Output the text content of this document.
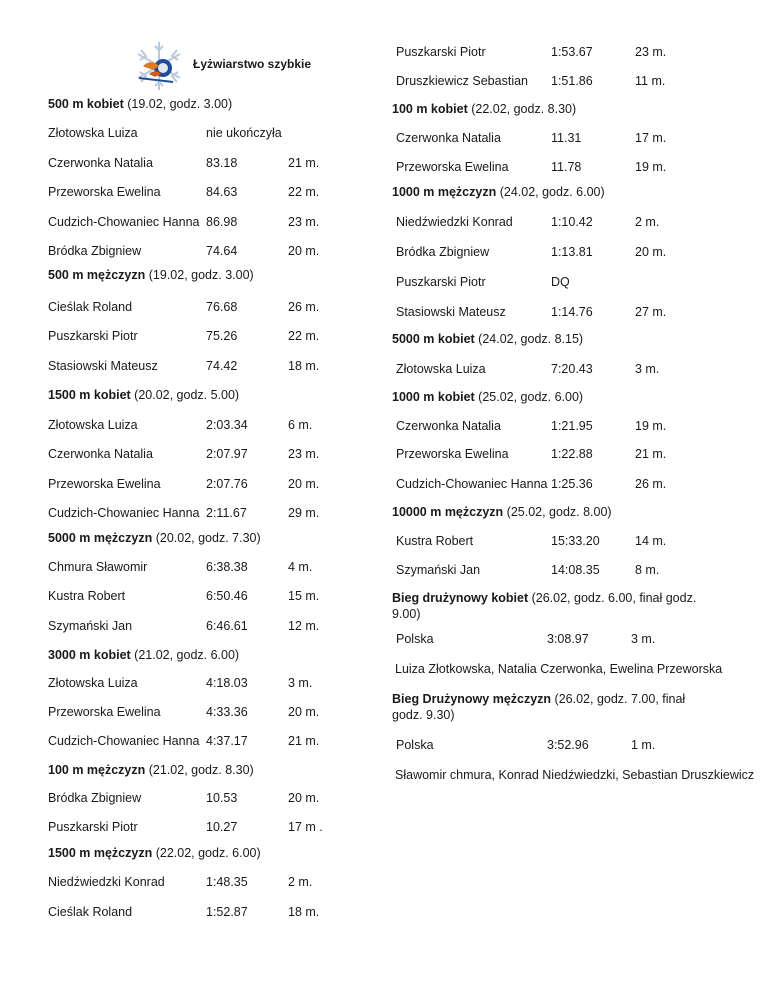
Łyżwiarstwo szybkie
500 m kobiet (19.02, godz. 3.00)
Złotowska Luiza	nie ukończyła
Czerwonka Natalia	83.18	21 m.
Przeworska Ewelina	84.63	22 m.
Cudzich-Chowaniec Hanna 86.98	23 m.
Bródka Zbigniew	74.64	20 m.
500 m mężczyzn (19.02, godz. 3.00)
Cieślak Roland	76.68	26 m.
Puszkarski Piotr	75.26	22 m.
Stasiowski Mateusz	74.42	18 m.
1500 m kobiet (20.02, godz. 5.00)
Złotowska Luiza	2:03.34	6 m.
Czerwonka Natalia	2:07.97	23 m.
Przeworska Ewelina	2:07.76	20 m.
Cudzich-Chowaniec Hanna 2:11.67	29 m.
5000 m mężczyzn (20.02, godz. 7.30)
Chmura Sławomir	6:38.38	4 m.
Kustra Robert	6:50.46	15 m.
Szymański Jan	6:46.61	12 m.
3000 m kobiet (21.02, godz. 6.00)
Złotowska Luiza	4:18.03	3 m.
Przeworska Ewelina	4:33.36	20 m.
Cudzich-Chowaniec Hanna 4:37.17	21 m.
100 m mężczyzn (21.02, godz. 8.30)
Bródka Zbigniew	10.53	20 m.
Puszkarski Piotr	10.27	17 m .
1500 m mężczyzn (22.02, godz. 6.00)
Niedźwiedzki Konrad	1:48.35	2 m.
Cieślak Roland	1:52.87	18 m.
Puszkarski Piotr	1:53.67	23 m.
Druszkiewicz Sebastian 1:51.86	11 m.
100 m kobiet (22.02, godz. 8.30)
Czerwonka Natalia	11.31	17 m.
Przeworska Ewelina	11.78	19 m.
1000 m mężczyzn (24.02, godz. 6.00)
Niedźwiedzki Konrad	1:10.42	2 m.
Bródka Zbigniew	1:13.81	20 m.
Puszkarski Piotr	DQ
Stasiowski Mateusz	1:14.76	27 m.
5000 m kobiet (24.02, godz. 8.15)
Złotowska Luiza	7:20.43	3 m.
1000 m kobiet (25.02, godz. 6.00)
Czerwonka Natalia	1:21.95	19 m.
Przeworska Ewelina	1:22.88	21 m.
Cudzich-Chowaniec Hanna 1:25.36	26 m.
10000 m mężczyzn (25.02, godz. 8.00)
Kustra Robert	15:33.20	14 m.
Szymański Jan	14:08.35	8 m.
Bieg drużynowy kobiet (26.02, godz. 6.00, finał godz. 9.00)
Polska	3:08.97	3 m.
Luiza Złotkowska, Natalia Czerwonka, Ewelina Przeworska
Bieg Drużynowy mężczyzn (26.02, godz. 7.00, finał godz. 9.30)
Polska	3:52.96	1 m.
Sławomir chmura, Konrad Niedźwiedzki, Sebastian Druszkiewicz
